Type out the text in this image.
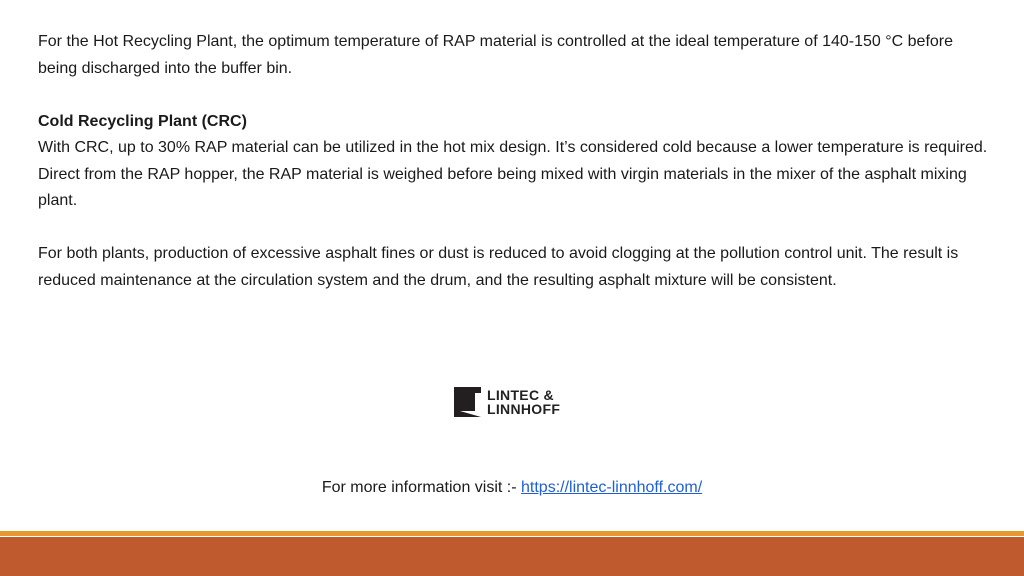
For the Hot Recycling Plant, the optimum temperature of RAP material is controlled at the ideal temperature of 140-150 °C before being discharged into the buffer bin.

Cold Recycling Plant (CRC)

With CRC, up to 30% RAP material can be utilized in the hot mix design. It’s considered cold because a lower temperature is required. Direct from the RAP hopper, the RAP material is weighed before being mixed with virgin materials in the mixer of the asphalt mixing plant.

For both plants, production of excessive asphalt fines or dust is reduced to avoid clogging at the pollution control unit. The result is reduced maintenance at the circulation system and the drum, and the resulting asphalt mixture will be consistent.

LINTEC &
LINNHOFF
For more information visit :- https://lintec-linnhoff.com/
